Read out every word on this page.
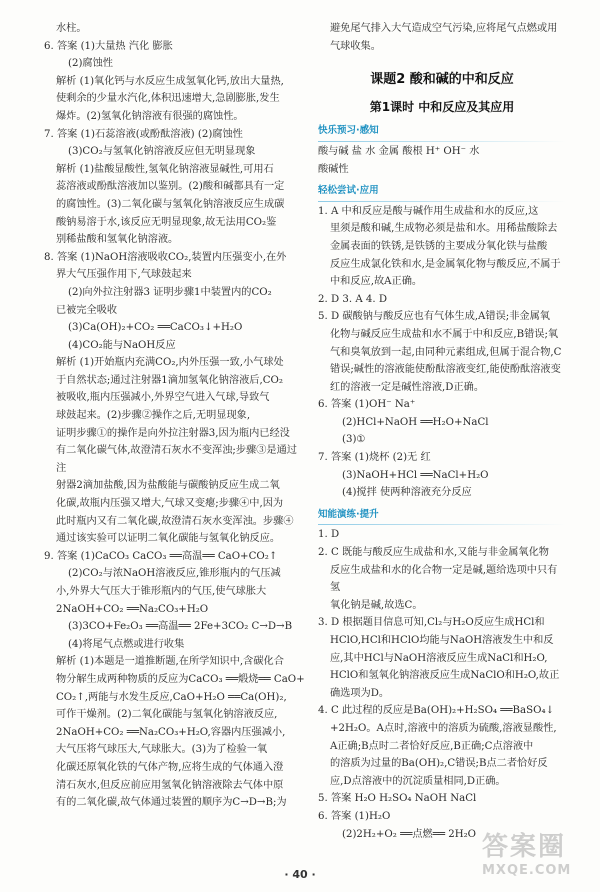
水柱。

6. 答案 (1)大量热 汽化 膨胀

(2)腐蚀性

解析 (1)氧化钙与水反应生成氢氧化钙,放出大量热,

使剩余的少量水汽化,体积迅速增大,急剧膨胀,发生

爆炸。(2)氢氧化钠溶液有很强的腐蚀性。

7. 答案 (1)石蕊溶液(或酚酞溶液) (2)腐蚀性

(3)CO₂与氢氧化钠溶液反应但无明显现象

解析 (1)盐酸显酸性,氢氧化钠溶液显碱性,可用石

蕊溶液或酚酞溶液加以鉴别。(2)酸和碱都具有一定

的腐蚀性。(3)二氧化碳与氢氧化钠溶液反应生成碳

酸钠易溶于水,该反应无明显现象,故无法用CO₂鉴

别稀盐酸和氢氧化钠溶液。

8. 答案 (1)NaOH溶液吸收CO₂,装置内压强变小,在外

界大气压强作用下,气球鼓起来

(2)向外拉注射器3 证明步骤1中装置内的CO₂

已被完全吸收

(3)Ca(OH)₂+CO₂ ══CaCO₃↓+H₂O

(4)CO₂能与NaOH反应

解析 (1)开始瓶内充满CO₂,内外压强一致,小气球处

于自然状态;通过注射器1滴加氢氧化钠溶液后,CO₂

被吸收,瓶内压强减小,外界空气进入气球,导致气

球鼓起来。(2)步骤②操作之后,无明显现象,

证明步骤①的操作是向外拉注射器3,因为瓶内已经没

有二氧化碳气体,故澄清石灰水不变浑浊;步骤③是通过注

射器2滴加盐酸,因为盐酸能与碳酸钠反应生成二氧

化碳,故瓶内压强又增大,气球又变瘪;步骤④中,因为

此时瓶内又有二氧化碳,故澄清石灰水变浑浊。步骤④

通过该实验可以证明二氧化碳能与氢氧化钠反应。

9. 答案 (1)CaCO₃ CaCO₃ ══高温══ CaO+CO₂↑

(2)CO₂与浓NaOH溶液反应,锥形瓶内的气压减

小,外界大气压大于锥形瓶内的气压,使气球胀大

2NaOH+CO₂ ══Na₂CO₃+H₂O

(3)3CO+Fe₂O₃ ══高温══ 2Fe+3CO₂ C→D→B

(4)将尾气点燃或进行收集

解析 (1)本题是一道推断题,在所学知识中,含碳化合

物分解生成两种物质的反应为CaCO₃ ══煅烧══ CaO+

CO₂↑,两能与水发生反应,CaO+H₂O ══Ca(OH)₂,

可作干燥剂。(2)二氧化碳能与氢氧化钠溶液反应,

2NaOH+CO₂ ══Na₂CO₃+H₂O,容器内压强减小,

大气压将气球压大,气球胀大。(3)为了检验一氧

化碳还原氧化铁的气体产物,应将生成的气体通入澄

清石灰水,但反应前应用氢氧化钠溶液除去气体中原

有的二氧化碳,故气体通过装置的顺序为C→D→B;为

避免尾气排入大气造成空气污染,应将尾气点燃或用

气球收集。

课题2 酸和碱的中和反应
第1课时 中和反应及其应用
快乐预习·感知

酸与碱 盐 水 金属 酸根 H⁺ OH⁻ 水

酸碱性

轻松尝试·应用

1. A 中和反应是酸与碱作用生成盐和水的反应,这

里须是酸和碱,生成物必须是盐和水。用稀盐酸除去

金属表面的铁锈,是铁锈的主要成分氧化铁与盐酸

反应生成氯化铁和水,是金属氧化物与酸反应,不属于

中和反应,故A正确。

2. D 3. A 4. D

5. D 碳酸钠与酸反应也有气体生成,A错误;非金属氧

化物与碱反应生成盐和水不属于中和反应,B错误;氧

气和臭氧放到一起,由同种元素组成,但属于混合物,C

错误;碱性的溶液能使酚酞溶液变红,能使酚酞溶液变

红的溶液一定是碱性溶液,D正确。

6. 答案 (1)OH⁻ Na⁺

(2)HCl+NaOH ══H₂O+NaCl

(3)①

7. 答案 (1)烧杯 (2)无 红

(3)NaOH+HCl ══NaCl+H₂O

(4)搅拌 使两种溶液充分反应

知能演练·提升

1. D

2. C 既能与酸反应生成盐和水,又能与非金属氧化物

反应生成盐和水的化合物一定是碱,题给选项中只有氢

氧化钠是碱,故选C。

3. D 根据题目信息可知,Cl₂与H₂O反应生成HCl和

HClO,HCl和HClO均能与NaOH溶液发生中和反

应,其中HCl与NaOH溶液反应生成NaCl和H₂O,

HClO和氢氧化钠溶液反应生成NaClO和H₂O,故正

确选项为D。

4. C 此过程的反应是Ba(OH)₂+H₂SO₄ ══BaSO₄↓

+2H₂O。A点时,溶液中的溶质为硫酸,溶液显酸性,

A正确;B点时二者恰好反应,B正确;C点溶液中

的溶质为过量的Ba(OH)₂,C错误;B点二者恰好反

应,D点溶液中的沉淀质量相同,D正确。

5. 答案 H₂O H₂SO₄ NaOH NaCl

6. 答案 (1)H₂O

(2)2H₂+O₂ ══点燃══ 2H₂O

· 40 ·
答案圈
MXQE.COM
